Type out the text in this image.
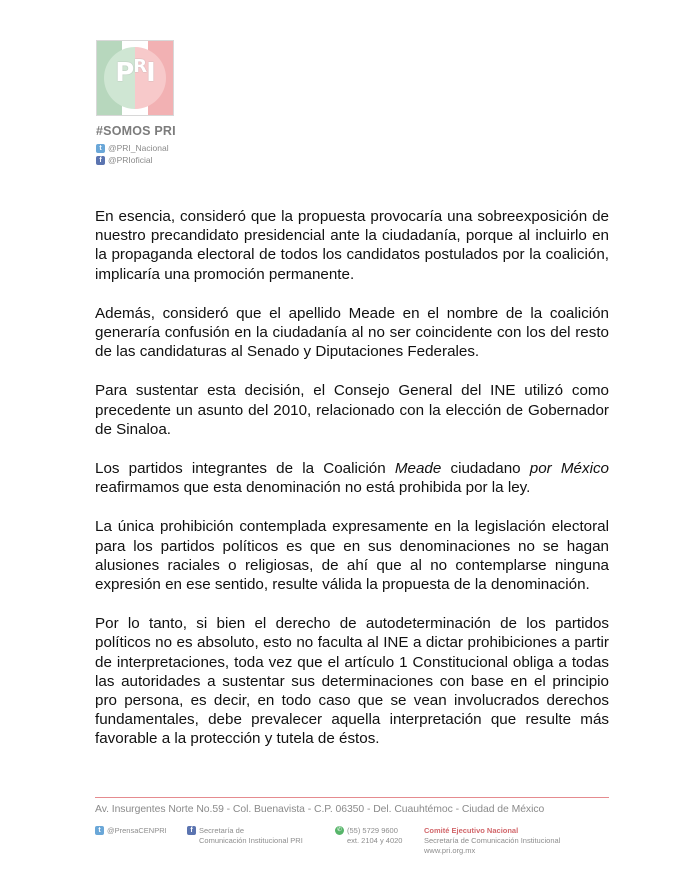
PRI
#SOMOS PRI
t @PRI_Nacional
f @PRIoficial

En esencia, consideró que la propuesta provocaría una sobreexposición de nuestro precandidato presidencial ante la ciudadanía, porque al incluirlo en la propaganda electoral de todos los candidatos postulados por la coalición, implicaría una promoción permanente.

Además, consideró que el apellido Meade en el nombre de la coalición generaría confusión en la ciudadanía al no ser coincidente con los del resto de las candidaturas al Senado y Diputaciones Federales.

Para sustentar esta decisión, el Consejo General del INE utilizó como precedente un asunto del 2010, relacionado con la elección de Gobernador de Sinaloa.

Los partidos integrantes de la Coalición Meade ciudadano por México reafirmamos que esta denominación no está prohibida por la ley.

La única prohibición contemplada expresamente en la legislación electoral para los partidos políticos es que en sus denominaciones no se hagan alusiones raciales o religiosas, de ahí que al no contemplarse ninguna expresión en ese sentido, resulte válida la propuesta de la denominación.

Por lo tanto, si bien el derecho de autodeterminación de los partidos políticos no es absoluto, esto no faculta al INE a dictar prohibiciones a partir de interpretaciones, toda vez que el artículo 1 Constitucional obliga a todas las autoridades a sustentar sus determinaciones con base en el principio pro persona, es decir, en todo caso que se vean involucrados derechos fundamentales, debe prevalecer aquella interpretación que resulte más favorable a la protección y tutela de éstos.

Av. Insurgentes Norte No.59 - Col. Buenavista - C.P. 06350 - Del. Cuauhtémoc - Ciudad de México
t @PrensaCENPRI	f Secretaría de
Comunicación Institucional PRI
✆ (55) 5729 9600
ext. 2104 y 4020
Comité Ejecutivo Nacional
Secretaría de Comunicación Institucional
www.pri.org.mx
